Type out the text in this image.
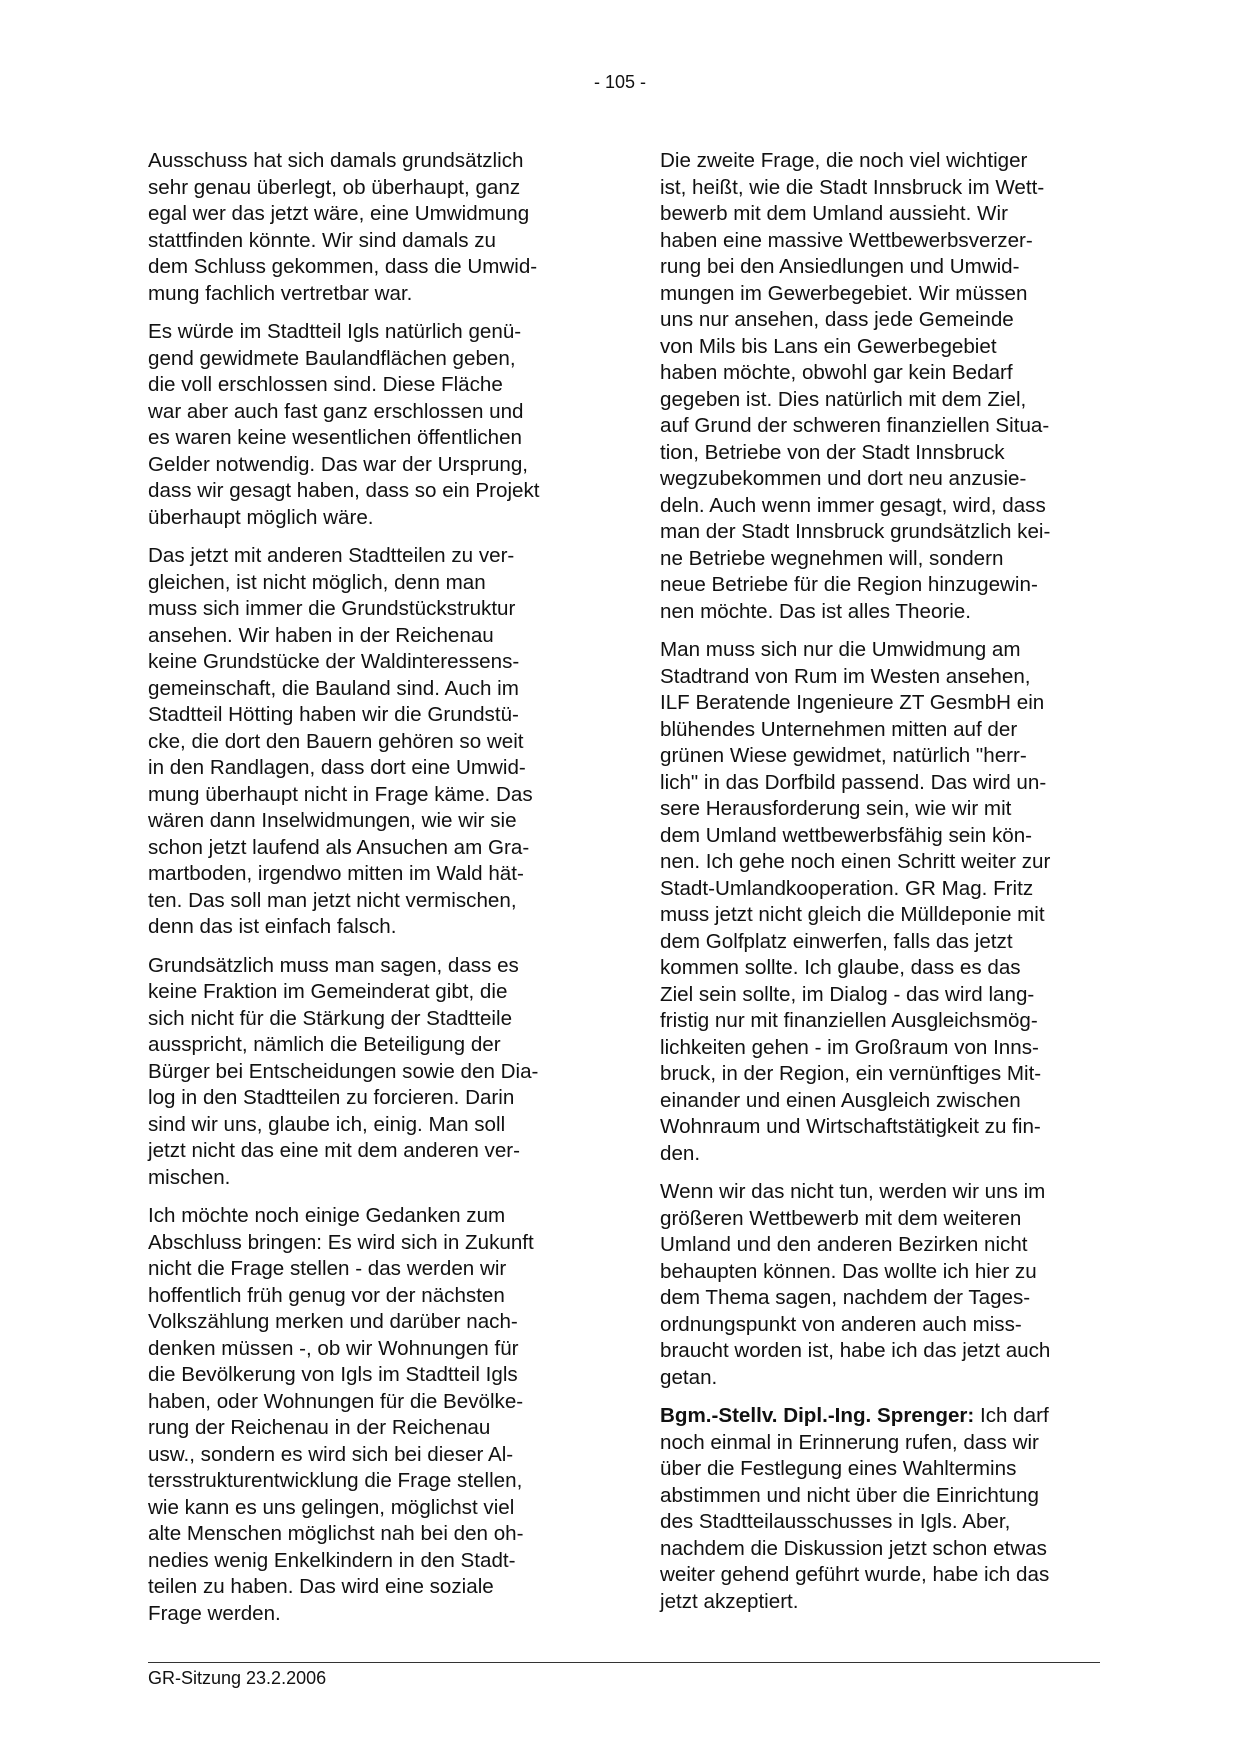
- 105 -

Ausschuss hat sich damals grundsätzlich
sehr genau überlegt, ob überhaupt, ganz
egal wer das jetzt wäre, eine Umwidmung
stattfinden könnte. Wir sind damals zu
dem Schluss gekommen, dass die Umwid-
mung fachlich vertretbar war.

Es würde im Stadtteil Igls natürlich genü-
gend gewidmete Baulandflächen geben,
die voll erschlossen sind. Diese Fläche
war aber auch fast ganz erschlossen und
es waren keine wesentlichen öffentlichen
Gelder notwendig. Das war der Ursprung,
dass wir gesagt haben, dass so ein Projekt
überhaupt möglich wäre.

Das jetzt mit anderen Stadtteilen zu ver-
gleichen, ist nicht möglich, denn man
muss sich immer die Grundstückstruktur
ansehen. Wir haben in der Reichenau
keine Grundstücke der Waldinteressens-
gemeinschaft, die Bauland sind. Auch im
Stadtteil Hötting haben wir die Grundstü-
cke, die dort den Bauern gehören so weit
in den Randlagen, dass dort eine Umwid-
mung überhaupt nicht in Frage käme. Das
wären dann Inselwidmungen, wie wir sie
schon jetzt laufend als Ansuchen am Gra-
martboden, irgendwo mitten im Wald hät-
ten. Das soll man jetzt nicht vermischen,
denn das ist einfach falsch.

Grundsätzlich muss man sagen, dass es
keine Fraktion im Gemeinderat gibt, die
sich nicht für die Stärkung der Stadtteile
ausspricht, nämlich die Beteiligung der
Bürger bei Entscheidungen sowie den Dia-
log in den Stadtteilen zu forcieren. Darin
sind wir uns, glaube ich, einig. Man soll
jetzt nicht das eine mit dem anderen ver-
mischen.

Ich möchte noch einige Gedanken zum
Abschluss bringen: Es wird sich in Zukunft
nicht die Frage stellen - das werden wir
hoffentlich früh genug vor der nächsten
Volkszählung merken und darüber nach-
denken müssen -, ob wir Wohnungen für
die Bevölkerung von Igls im Stadtteil Igls
haben, oder Wohnungen für die Bevölke-
rung der Reichenau in der Reichenau
usw., sondern es wird sich bei dieser Al-
tersstrukturentwicklung die Frage stellen,
wie kann es uns gelingen, möglichst viel
alte Menschen möglichst nah bei den oh-
nedies wenig Enkelkindern in den Stadt-
teilen zu haben. Das wird eine soziale
Frage werden.

Die zweite Frage, die noch viel wichtiger
ist, heißt, wie die Stadt Innsbruck im Wett-
bewerb mit dem Umland aussieht. Wir
haben eine massive Wettbewerbsverzer-
rung bei den Ansiedlungen und Umwid-
mungen im Gewerbegebiet. Wir müssen
uns nur ansehen, dass jede Gemeinde
von Mils bis Lans ein Gewerbegebiet
haben möchte, obwohl gar kein Bedarf
gegeben ist. Dies natürlich mit dem Ziel,
auf Grund der schweren finanziellen Situa-
tion, Betriebe von der Stadt Innsbruck
wegzubekommen und dort neu anzusie-
deln. Auch wenn immer gesagt, wird, dass
man der Stadt Innsbruck grundsätzlich kei-
ne Betriebe wegnehmen will, sondern
neue Betriebe für die Region hinzugewin-
nen möchte. Das ist alles Theorie.

Man muss sich nur die Umwidmung am
Stadtrand von Rum im Westen ansehen,
ILF Beratende Ingenieure ZT GesmbH ein
blühendes Unternehmen mitten auf der
grünen Wiese gewidmet, natürlich "herr-
lich" in das Dorfbild passend. Das wird un-
sere Herausforderung sein, wie wir mit
dem Umland wettbewerbsfähig sein kön-
nen. Ich gehe noch einen Schritt weiter zur
Stadt-Umlandkooperation. GR Mag. Fritz
muss jetzt nicht gleich die Mülldeponie mit
dem Golfplatz einwerfen, falls das jetzt
kommen sollte. Ich glaube, dass es das
Ziel sein sollte, im Dialog - das wird lang-
fristig nur mit finanziellen Ausgleichsmög-
lichkeiten gehen - im Großraum von Inns-
bruck, in der Region, ein vernünftiges Mit-
einander und einen Ausgleich zwischen
Wohnraum und Wirtschaftstätigkeit zu fin-
den.

Wenn wir das nicht tun, werden wir uns im
größeren Wettbewerb mit dem weiteren
Umland und den anderen Bezirken nicht
behaupten können. Das wollte ich hier zu
dem Thema sagen, nachdem der Tages-
ordnungspunkt von anderen auch miss-
braucht worden ist, habe ich das jetzt auch
getan.

Bgm.-Stellv. Dipl.-Ing. Sprenger: Ich darf
noch einmal in Erinnerung rufen, dass wir
über die Festlegung eines Wahltermins
abstimmen und nicht über die Einrichtung
des Stadtteilausschusses in Igls. Aber,
nachdem die Diskussion jetzt schon etwas
weiter gehend geführt wurde, habe ich das
jetzt akzeptiert.

GR-Sitzung 23.2.2006
